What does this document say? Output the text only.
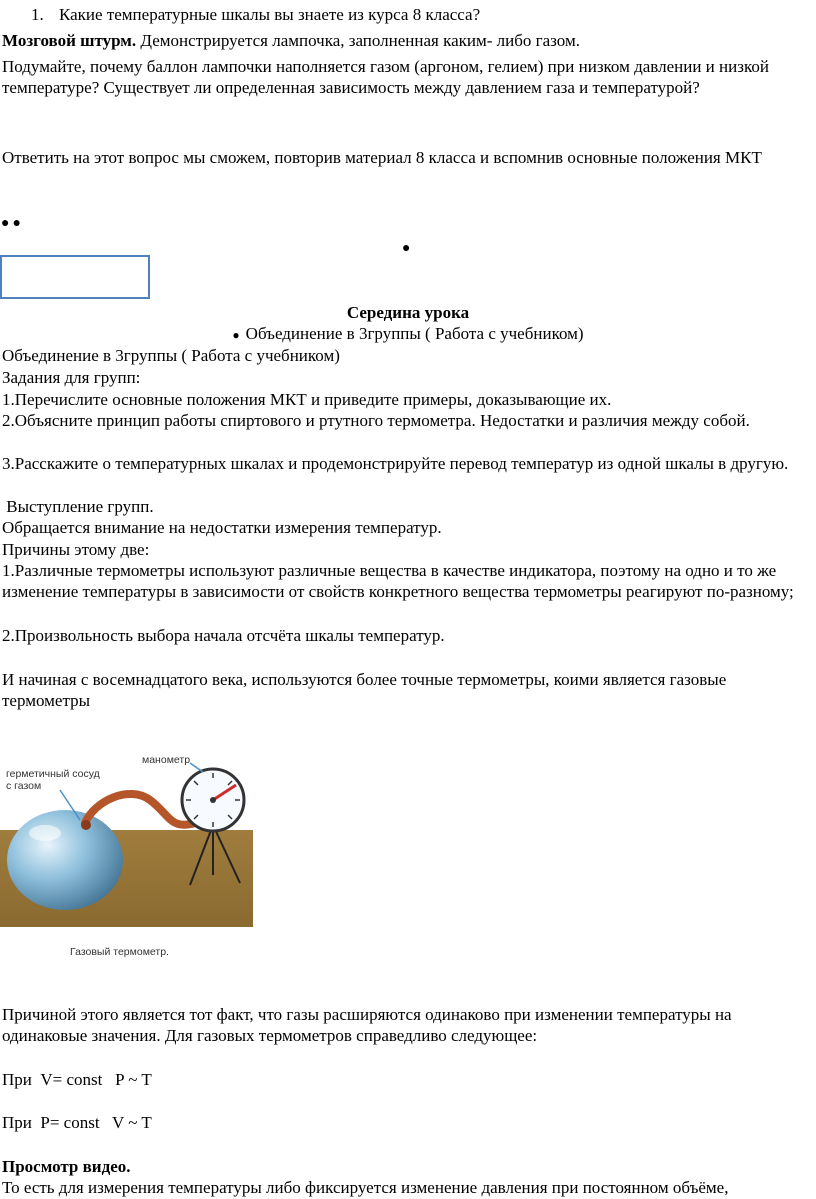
1. Какие температурные шкалы вы знаете из курса 8 класса?

Мозговой штурм. Демонстрируется лампочка, заполненная каким- либо газом.

Подумайте, почему баллон лампочки наполняется газом (аргоном, гелием) при низком давлении и низкой температуре? Существует ли определенная зависимость между давлением газа и температурой?

Ответить на этот вопрос мы сможем, повторив материал 8 класса и вспомнив основные положения МКТ

●●
●

Середина урока

● Объединение в 3группы ( Работа с учебником)

Объединение в 3группы ( Работа с учебником)

Задания для групп:

1.Перечислите основные положения МКТ и приведите примеры, доказывающие их.

2.Объясните принцип работы спиртового и ртутного термометра. Недостатки и различия между собой.

3.Расскажите о температурных шкалах и продемонстрируйте перевод температур из одной шкалы в другую.

Выступление групп.

Обращается внимание на недостатки измерения температур.

Причины этому две:

1.Различные термометры используют различные вещества в качестве индикатора, поэтому на одно и то же изменение температуры в зависимости от свойств конкретного вещества термометры реагируют по-разному;

2.Произвольность выбора начала отсчёта шкалы температур.

И начиная с восемнадцатого века, используются более точные термометры, коими является газовые термометры

герметичный сосуд
с газом
манометр
Газовый термометр.

Причиной этого является тот факт, что газы расширяются одинаково при изменении температуры на одинаковые значения. Для газовых термометров справедливо следующее:

При  V= const   P ~ T

При  P= const   V ~ T

Просмотр видео.

То есть для измерения температуры либо фиксируется изменение давления при постоянном объёме,
